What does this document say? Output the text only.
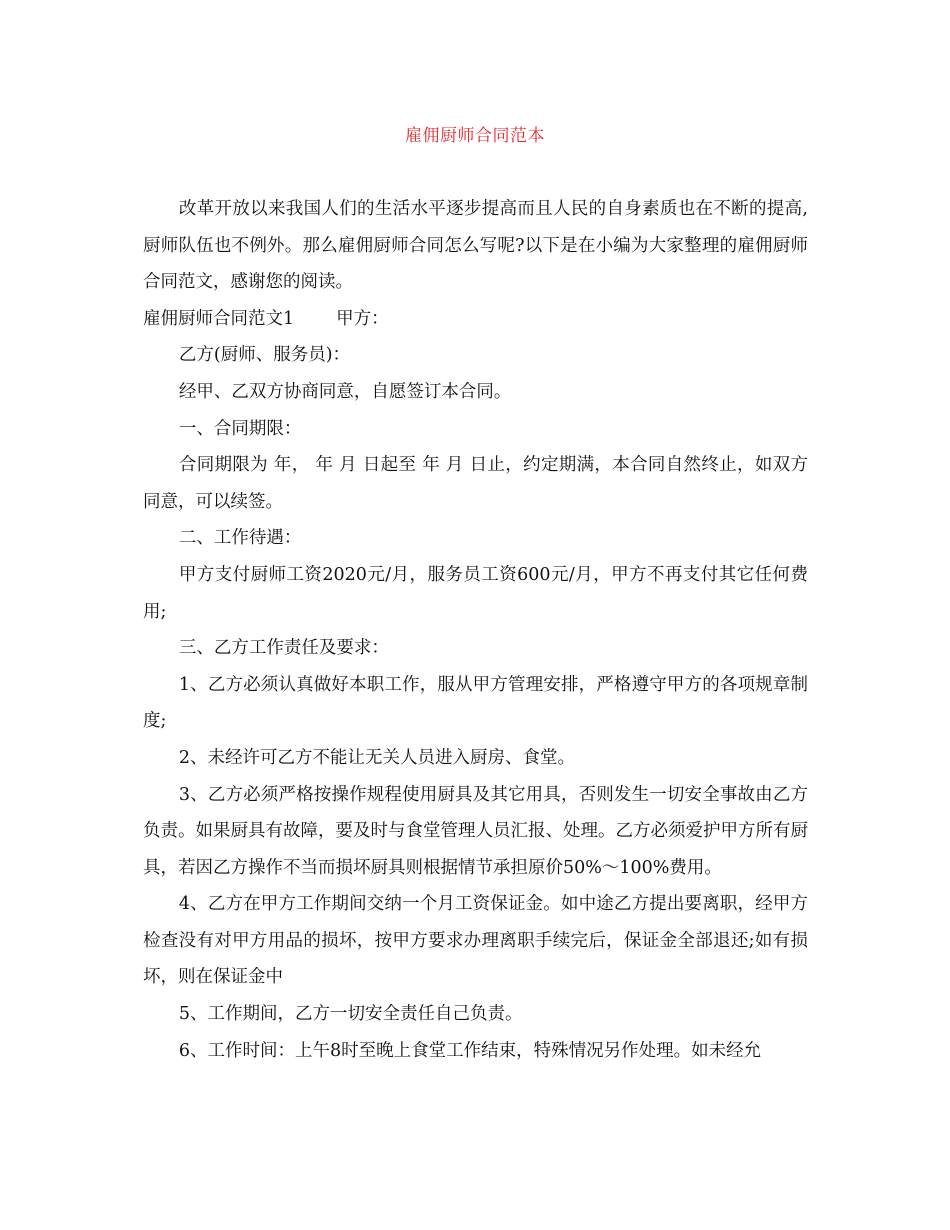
雇佣厨师合同范本

改革开放以来我国人们的生活水平逐步提高而且人民的自身素质也在不断的提高,厨师队伍也不例外。那么雇佣厨师合同怎么写呢?以下是在小编为大家整理的雇佣厨师合同范文，感谢您的阅读。

雇佣厨师合同范文1 甲方：

乙方(厨师、服务员)：

经甲、乙双方协商同意，自愿签订本合同。

一、合同期限：

合同期限为 年， 年 月 日起至 年 月 日止，约定期满，本合同自然终止，如双方同意，可以续签。

二、工作待遇：

甲方支付厨师工资2020元/月，服务员工资600元/月，甲方不再支付其它任何费用;

三、乙方工作责任及要求：

1、乙方必须认真做好本职工作，服从甲方管理安排，严格遵守甲方的各项规章制度;

2、未经许可乙方不能让无关人员进入厨房、食堂。

3、乙方必须严格按操作规程使用厨具及其它用具，否则发生一切安全事故由乙方负责。如果厨具有故障，要及时与食堂管理人员汇报、处理。乙方必须爱护甲方所有厨具，若因乙方操作不当而损坏厨具则根据情节承担原价50%～100%费用。

4、乙方在甲方工作期间交纳一个月工资保证金。如中途乙方提出要离职，经甲方检查没有对甲方用品的损坏，按甲方要求办理离职手续完后，保证金全部退还;如有损坏，则在保证金中

5、工作期间，乙方一切安全责任自己负责。

6、工作时间：上午8时至晚上食堂工作结束，特殊情况另作处理。如未经允
